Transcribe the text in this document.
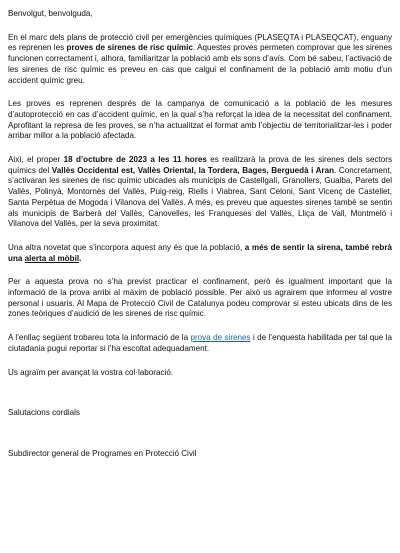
Benvolgut, benvolguda,

En el marc dels plans de protecció civil per emergències químiques (PLASEQTA i PLASEQCAT), enguany es reprenen les proves de sirenes de risc químic. Aquestes proves permeten comprovar que les sirenes funcionen correctament i, alhora, familiaritzar la població amb els sons d’avís. Com bé sabeu, l’activació de les sirenes de risc químic es preveu en cas que calgui el confinament de la població amb motiu d’un accident químic greu.

Les proves es reprenen després de la campanya de comunicació a la població de les mesures d’autoprotecció en cas d’accident químic, en la qual s’ha reforçat la idea de la necessitat del confinament. Aprofitant la represa de les proves, se n’ha actualitzat el format amb l’objectiu de territorialitzar-les i poder arribar millor a la població afectada.

Així, el proper 18 d’octubre de 2023 a les 11 hores es realitzarà la prova de les sirenes dels sectors químics del Vallès Occidental est, Vallès Oriental, la Tordera, Bages, Berguedà i Aran. Concretament, s’activaran les sirenes de risc químic ubicades als municipis de Castellgalí, Granollers, Gualba, Parets del Vallès, Polinyà, Montornès del Vallès, Puig-reig, Riells i Viabrea, Sant Celoni, Sant Vicenç de Castellet, Santa Perpètua de Mogoda i Vilanova del Vallès. A més, es preveu que aquestes sirenes també se sentin als municipis de Barberà del Vallès, Canovelles, les Franqueses del Vallès, Lliça de Vall, Montmeló i Vilanova del Vallès, per la seva proximitat.

Una altra novetat que s’incorpora aquest any és que la població, a més de sentir la sirena, també rebrà una alerta al mòbil.

Per a aquesta prova no s’ha previst practicar el confinament, però és igualment important que la informació de la prova arribi al màxim de població possible. Per això us agrairem que informeu al vostre personal i usuaris. Al Mapa de Protecció Civil de Catalunya podeu comprovar si esteu ubicats dins de les zones teòriques d’audició de les sirenes de risc químic.

A l’enllaç següent trobareu tota la informació de la prova de sirenes i de l’enquesta habilitada per tal que la ciutadania pugui reportar si l’ha escoltat adequadament.

Us agraïm per avançat la vostra col·laboració.

Salutacions cordials

Subdirector general de Programes en Protecció Civil
